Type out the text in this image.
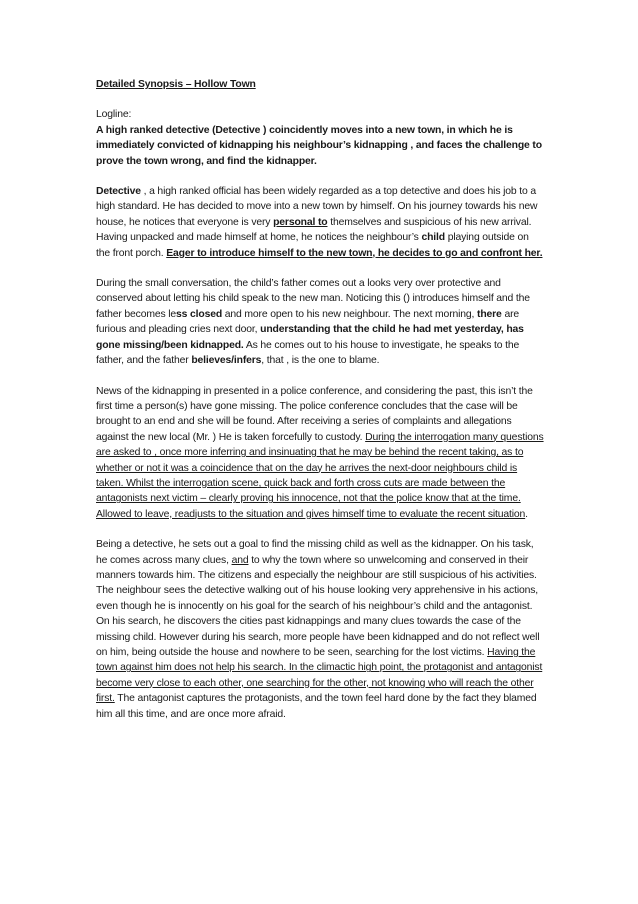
Detailed Synopsis – Hollow Town

Logline:

A high ranked detective (Detective ) coincidently moves into a new town, in which he is immediately convicted of kidnapping his neighbour’s kidnapping , and faces the challenge to prove the town wrong, and find the kidnapper.

Detective , a high ranked official has been widely regarded as a top detective and does his job to a high standard. He has decided to move into a new town by himself. On his journey towards his new house, he notices that everyone is very personal to themselves and suspicious of his new arrival. Having unpacked and made himself at home, he notices the neighbour’s child playing outside on the front porch. Eager to introduce himself to the new town, he decides to go and confront her.

During the small conversation, the child’s father comes out a looks very over protective and conserved about letting his child speak to the new man. Noticing this () introduces himself and the father becomes less closed and more open to his new neighbour. The next morning, there are furious and pleading cries next door, understanding that the child he had met yesterday, has gone missing/been kidnapped. As he comes out to his house to investigate, he speaks to the father, and the father believes/infers, that , is the one to blame.

News of the kidnapping in presented in a police conference, and considering the past, this isn’t the first time a person(s) have gone missing. The police conference concludes that the case will be brought to an end and she will be found. After receiving a series of complaints and allegations against the new local (Mr. ) He is taken forcefully to custody. During the interrogation many questions are asked to , once more inferring and insinuating that he may be behind the recent taking, as to whether or not it was a coincidence that on the day he arrives the next-door neighbours child is taken. Whilst the interrogation scene, quick back and forth cross cuts are made between the antagonists next victim – clearly proving his innocence, not that the police know that at the time.
Allowed to leave, readjusts to the situation and gives himself time to evaluate the recent situation.

Being a detective, he sets out a goal to find the missing child as well as the kidnapper. On his task, he comes across many clues, and to why the town where so unwelcoming and conserved in their manners towards him. The citizens and especially the neighbour are still suspicious of his activities. The neighbour sees the detective walking out of his house looking very apprehensive in his actions, even though he is innocently on his goal for the search of his neighbour’s child and the antagonist. On his search, he discovers the cities past kidnappings and many clues towards the case of the missing child. However during his search, more people have been kidnapped and do not reflect well on him, being outside the house and nowhere to be seen, searching for the lost victims. Having the town against him does not help his search. In the climactic high point, the protagonist and antagonist become very close to each other, one searching for the other, not knowing who will reach the other first. The antagonist captures the protagonists, and the town feel hard done by the fact they blamed him all this time, and are once more afraid.
